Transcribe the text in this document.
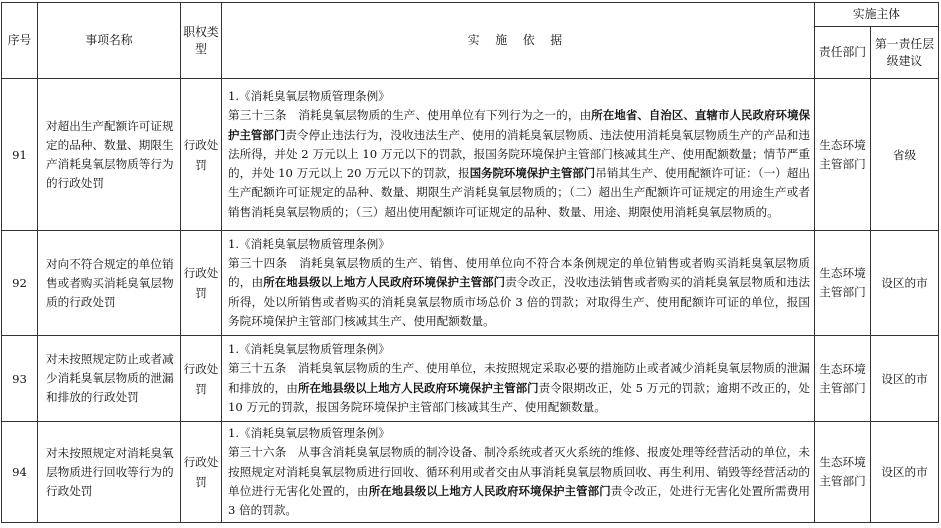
序号	事项名称	职权类型	实 施 依 据	实施主体	
				责任部门	第一责任层级建议
91	对超出生产配额许可证规定的品种、数量、期限生产消耗臭氧层物质等行为的行政处罚	行政处罚	1.《消耗臭氧层物质管理条例》
第三十三条　消耗臭氧层物质的生产、使用单位有下列行为之一的，由所在地省、自治区、直辖市人民政府环境保护主管部门责令停止违法行为，没收违法生产、使用的消耗臭氧层物质、违法使用消耗臭氧层物质生产的产品和违法所得，并处 2 万元以上 10 万元以下的罚款，报国务院环境保护主管部门核减其生产、使用配额数量；情节严重的，并处 10 万元以上 20 万元以下的罚款，报国务院环境保护主管部门吊销其生产、使用配额许可证：（一）超出生产配额许可证规定的品种、数量、期限生产消耗臭氧层物质的；（二）超出生产配额许可证规定的用途生产或者销售消耗臭氧层物质的；（三）超出使用配额许可证规定的品种、数量、用途、期限使用消耗臭氧层物质的。	生态环境主管部门	省级
92	对向不符合规定的单位销售或者购买消耗臭氧层物质的行政处罚	行政处罚	1.《消耗臭氧层物质管理条例》
第三十四条　消耗臭氧层物质的生产、销售、使用单位向不符合本条例规定的单位销售或者购买消耗臭氧层物质的，由所在地县级以上地方人民政府环境保护主管部门责令改正，没收违法销售或者购买的消耗臭氧层物质和违法所得，处以所销售或者购买的消耗臭氧层物质市场总价 3 倍的罚款；对取得生产、使用配额许可证的单位，报国务院环境保护主管部门核减其生产、使用配额数量。	生态环境主管部门	设区的市
93	对未按照规定防止或者减少消耗臭氧层物质的泄漏和排放的行政处罚	行政处罚	1.《消耗臭氧层物质管理条例》
第三十五条　消耗臭氧层物质的生产、使用单位，未按照规定采取必要的措施防止或者减少消耗臭氧层物质的泄漏和排放的，由所在地县级以上地方人民政府环境保护主管部门责令限期改正，处 5 万元的罚款；逾期不改正的，处 10 万元的罚款，报国务院环境保护主管部门核减其生产、使用配额数量。	生态环境主管部门	设区的市
94	对未按照规定对消耗臭氧层物质进行回收等行为的行政处罚	行政处罚	1.《消耗臭氧层物质管理条例》
第三十六条　从事含消耗臭氧层物质的制冷设备、制冷系统或者灭火系统的维修、报废处理等经营活动的单位，未按照规定对消耗臭氧层物质进行回收、循环利用或者交由从事消耗臭氧层物质回收、再生利用、销毁等经营活动的单位进行无害化处置的，由所在地县级以上地方人民政府环境保护主管部门责令改正，处进行无害化处置所需费用 3 倍的罚款。	生态环境主管部门	设区的市
